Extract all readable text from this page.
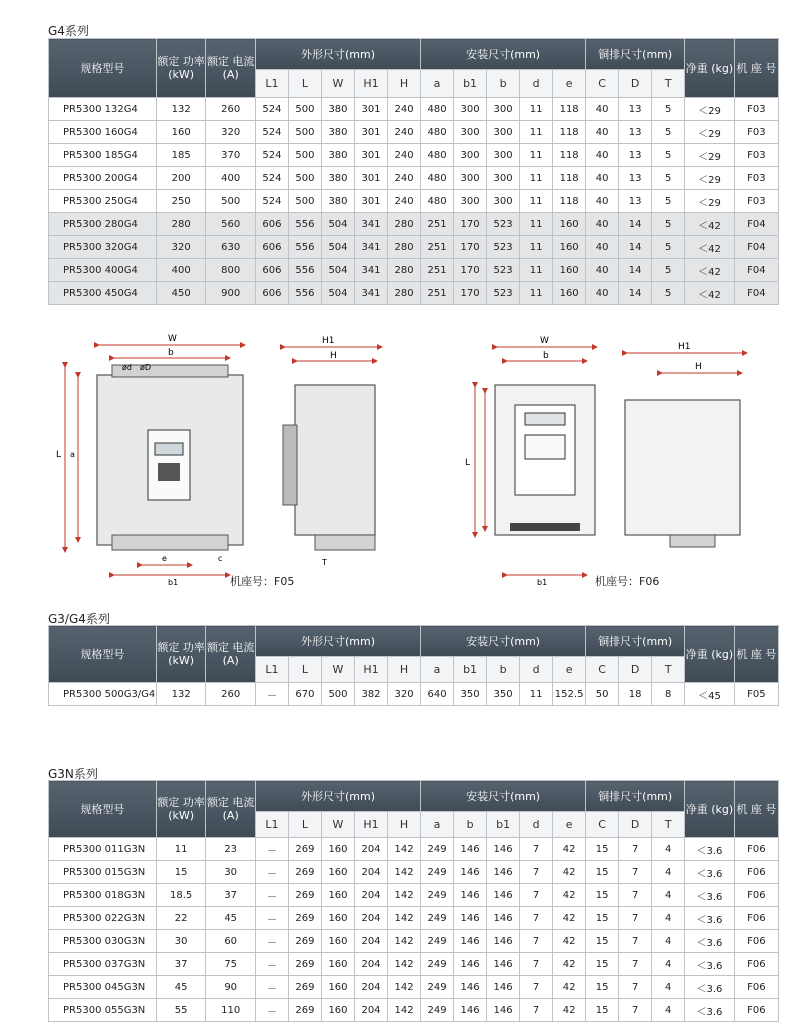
G4系列
规格型号	额定 功率 (kW)	额定 电流 (A)	外形尺寸(mm)					安装尺寸(mm)					铜排尺寸(mm)			净重 (kg)	机 座 号
			L1	L	W	H1	H	a	b1	b	d	e	C	D	T		
PR5300 132G4	132	260	524	500	380	301	240	480	300	300	11	118	40	13	5	＜29	F03
PR5300 160G4	160	320	524	500	380	301	240	480	300	300	11	118	40	13	5	＜29	F03
PR5300 185G4	185	370	524	500	380	301	240	480	300	300	11	118	40	13	5	＜29	F03
PR5300 200G4	200	400	524	500	380	301	240	480	300	300	11	118	40	13	5	＜29	F03
PR5300 250G4	250	500	524	500	380	301	240	480	300	300	11	118	40	13	5	＜29	F03
PR5300 280G4	280	560	606	556	504	341	280	251	170	523	11	160	40	14	5	＜42	F04
PR5300 320G4	320	630	606	556	504	341	280	251	170	523	11	160	40	14	5	＜42	F04
PR5300 400G4	400	800	606	556	504	341	280	251	170	523	11	160	40	14	5	＜42	F04
PR5300 450G4	450	900	606	556	504	341	280	251	170	523	11	160	40	14	5	＜42	F04
W
b
ød øD
L a
e	c
b1
H1
H
T
W
b
L
b1
H1
H
机座号：F05	机座号：F06
G3/G4系列
规格型号	额定 功率 (kW)	额定 电流 (A)	外形尺寸(mm)					安装尺寸(mm)					铜排尺寸(mm)			净重 (kg)	机 座 号
			L1	L	W	H1	H	a	b1	b	d	e	C	D	T		
PR5300 500G3/G4	132	260	－	670	500	382	320	640	350	350	11	152.5	50	18	8	＜45	F05
G3N系列
规格型号	额定 功率 (kW)	额定 电流 (A)	外形尺寸(mm)					安装尺寸(mm)					铜排尺寸(mm)			净重 (kg)	机 座 号
			L1	L	W	H1	H	a	b	b1	d	e	C	D	T		
PR5300 011G3N	11	23	－	269	160	204	142	249	146	146	7	42	15	7	4	＜3.6	F06
PR5300 015G3N	15	30	－	269	160	204	142	249	146	146	7	42	15	7	4	＜3.6	F06
PR5300 018G3N	18.5	37	－	269	160	204	142	249	146	146	7	42	15	7	4	＜3.6	F06
PR5300 022G3N	22	45	－	269	160	204	142	249	146	146	7	42	15	7	4	＜3.6	F06
PR5300 030G3N	30	60	－	269	160	204	142	249	146	146	7	42	15	7	4	＜3.6	F06
PR5300 037G3N	37	75	－	269	160	204	142	249	146	146	7	42	15	7	4	＜3.6	F06
PR5300 045G3N	45	90	－	269	160	204	142	249	146	146	7	42	15	7	4	＜3.6	F06
PR5300 055G3N	55	110	－	269	160	204	142	249	146	146	7	42	15	7	4	＜3.6	F06
